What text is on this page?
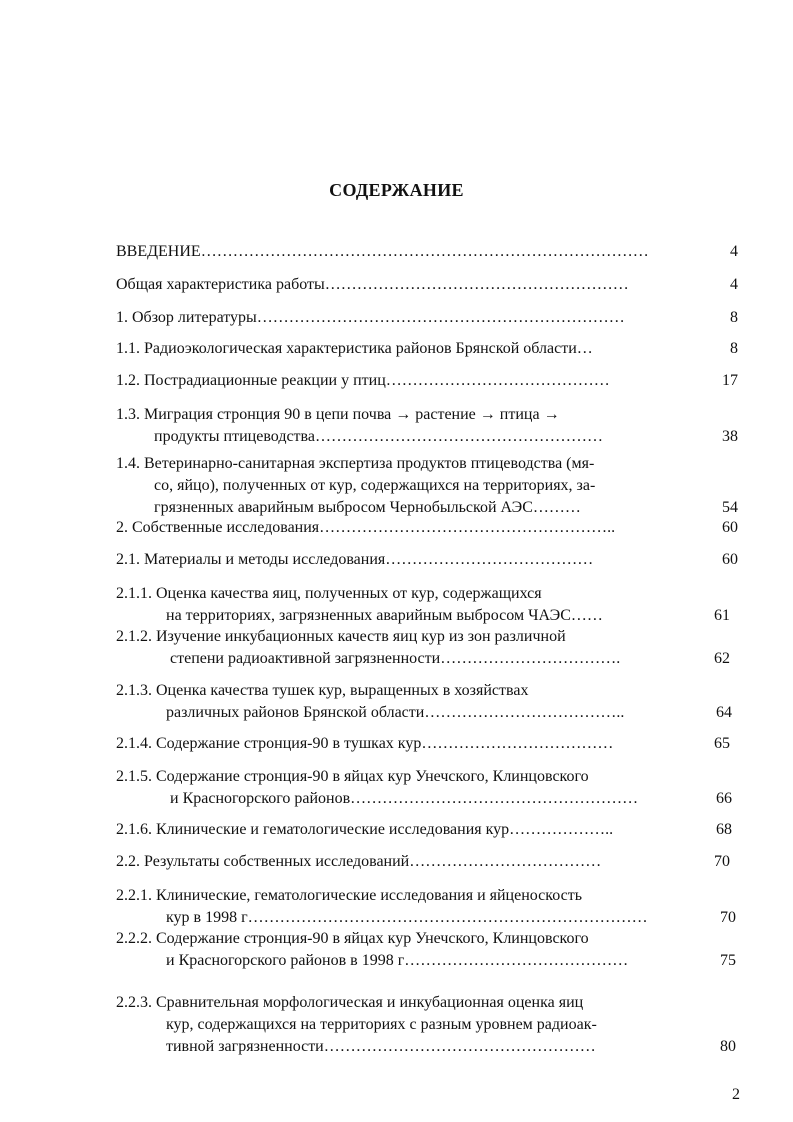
СОДЕРЖАНИЕ
ВВЕДЕНИЕ…………………………………………………………………………	4
Общая характеристика работы…………………………………………………	4
1. Обзор литературы……………………………………………………………	8
1.1. Радиоэкологическая характеристика районов Брянской области…	8
1.2. Пострадиационные реакции у птиц……………………………………	17
1.3. Миграция стронция 90 в цепи почва → растение → птица →
продукты птицеводства………………………………………………	38
1.4. Ветеринарно-санитарная экспертиза продуктов птицеводства (мя-
со, яйцо), полученных от кур, содержащихся на территориях, за-
грязненных аварийным выбросом Чернобыльской АЭС………	54
2. Собственные исследования………………………………………………..	60
2.1. Материалы и методы исследования…………………………………	60
2.1.1. Оценка качества яиц, полученных от кур, содержащихся
на территориях, загрязненных аварийным выбросом ЧАЭС……	61
2.1.2. Изучение инкубационных качеств яиц кур из зон различной
степени радиоактивной загрязненности…………………………….	62
2.1.3. Оценка качества тушек кур, выращенных в хозяйствах
различных районов Брянской области………………………………..	64
2.1.4. Содержание стронция-90 в тушках кур………………………………	65
2.1.5. Содержание стронция-90 в яйцах кур Унечского, Клинцовского
и Красногорского районов………………………………………………	66
2.1.6. Клинические и гематологические исследования кур………………..	68
2.2. Результаты собственных исследований………………………………	70
2.2.1. Клинические, гематологические исследования и яйценоскость
кур в 1998 г…………………………………………………………………	70
2.2.2. Содержание стронция-90 в яйцах кур Унечского, Клинцовского
и Красногорского районов в 1998 г……………………………………	75
2.2.3. Сравнительная морфологическая и инкубационная оценка яиц
кур, содержащихся на территориях с разным уровнем радиоак-
тивной загрязненности……………………………………………	80
2
